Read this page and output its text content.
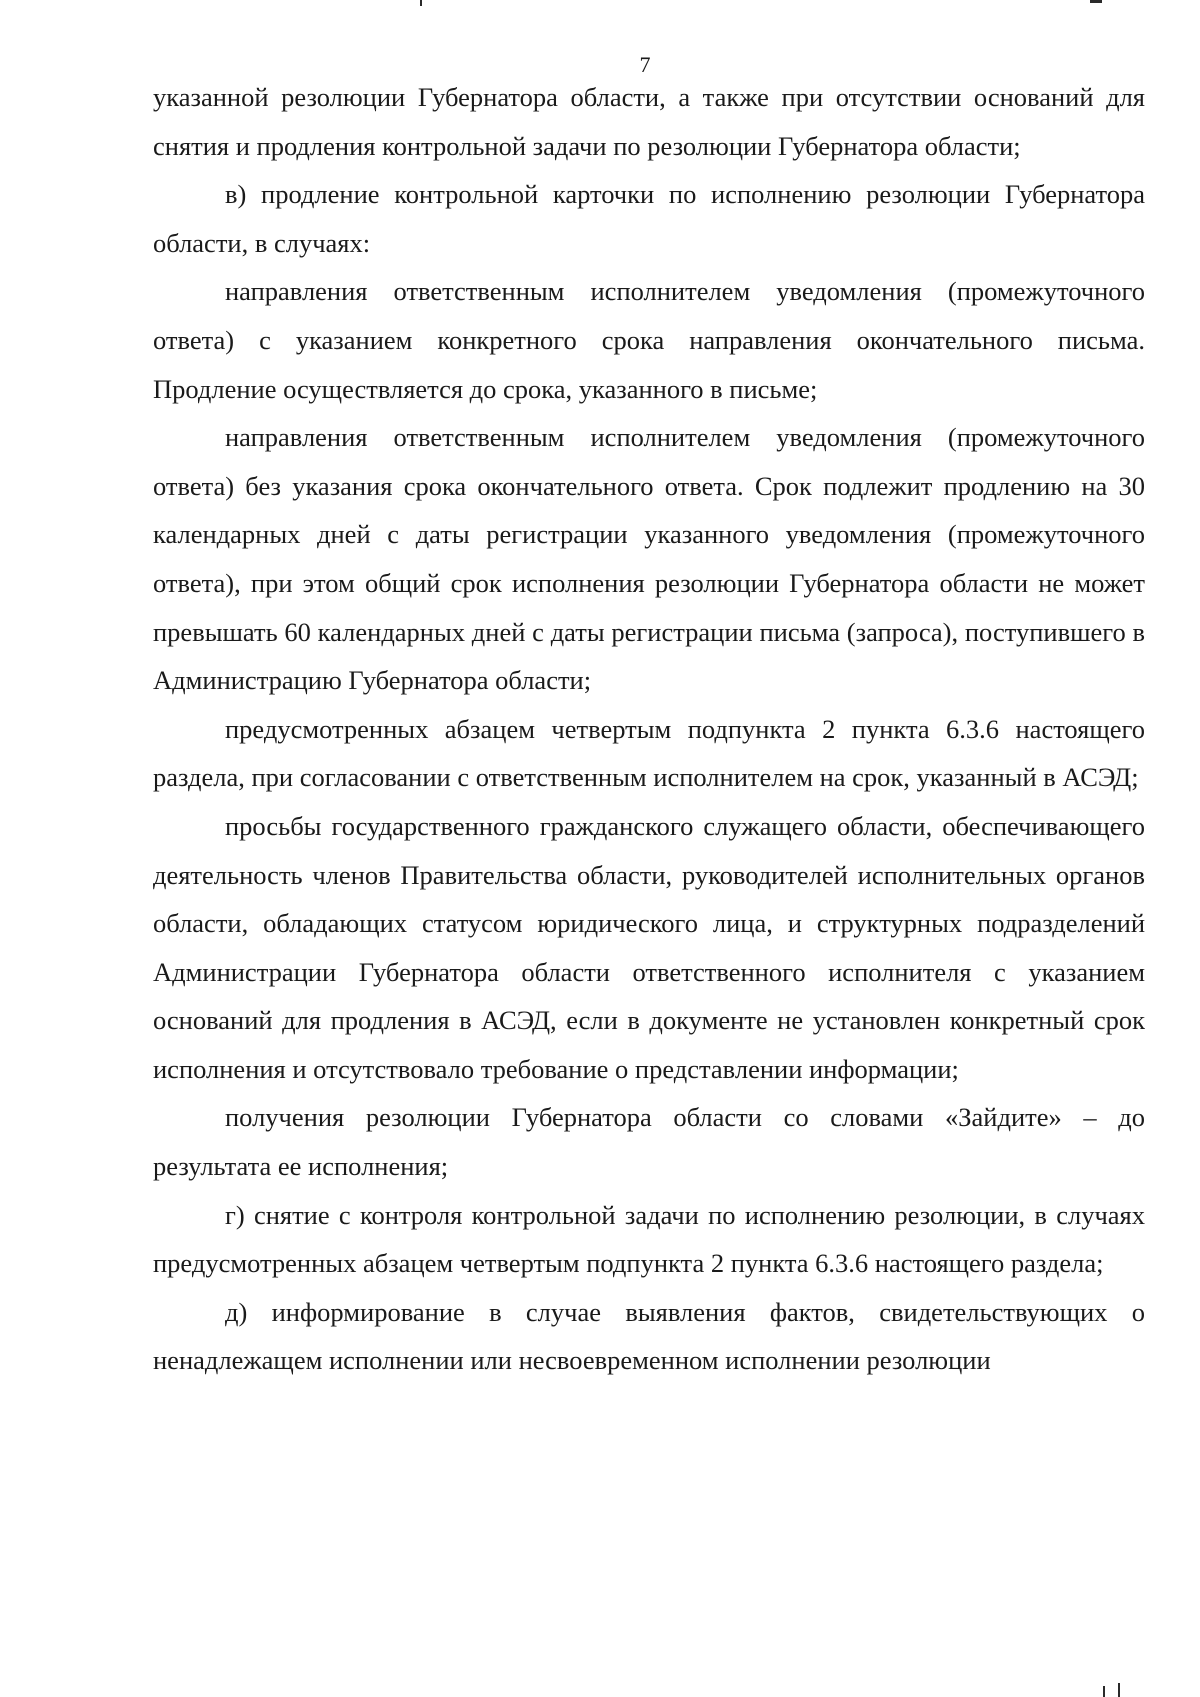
7

указанной резолюции Губернатора области, а также при отсутствии оснований для снятия и продления контрольной задачи по резолюции Губернатора области;

в) продление контрольной карточки по исполнению резолюции Губернатора области, в случаях:

направления ответственным исполнителем уведомления (промежуточного ответа) с указанием конкретного срока направления окончательного письма. Продление осуществляется до срока, указанного в письме;

направления ответственным исполнителем уведомления (промежуточного ответа) без указания срока окончательного ответа. Срок подлежит продлению на 30 календарных дней с даты регистрации указанного уведомления (промежуточного ответа), при этом общий срок исполнения резолюции Губернатора области не может превышать 60 календарных дней с даты регистрации письма (запроса), поступившего в Администрацию Губернатора области;

предусмотренных абзацем четвертым подпункта 2 пункта 6.3.6 настоящего раздела, при согласовании с ответственным исполнителем на срок, указанный в АСЭД;

просьбы государственного гражданского служащего области, обеспечивающего деятельность членов Правительства области, руководителей исполнительных органов области, обладающих статусом юридического лица, и структурных подразделений Администрации Губернатора области ответственного исполнителя с указанием оснований для продления в АСЭД, если в документе не установлен конкретный срок исполнения и отсутствовало требование о представлении информации;

получения резолюции Губернатора области со словами «Зайдите» – до результата ее исполнения;

г) снятие с контроля контрольной задачи по исполнению резолюции, в случаях предусмотренных абзацем четвертым подпункта 2 пункта 6.3.6 настоящего раздела;

д) информирование в случае выявления фактов, свидетельствующих о ненадлежащем исполнении или несвоевременном исполнении резолюции
